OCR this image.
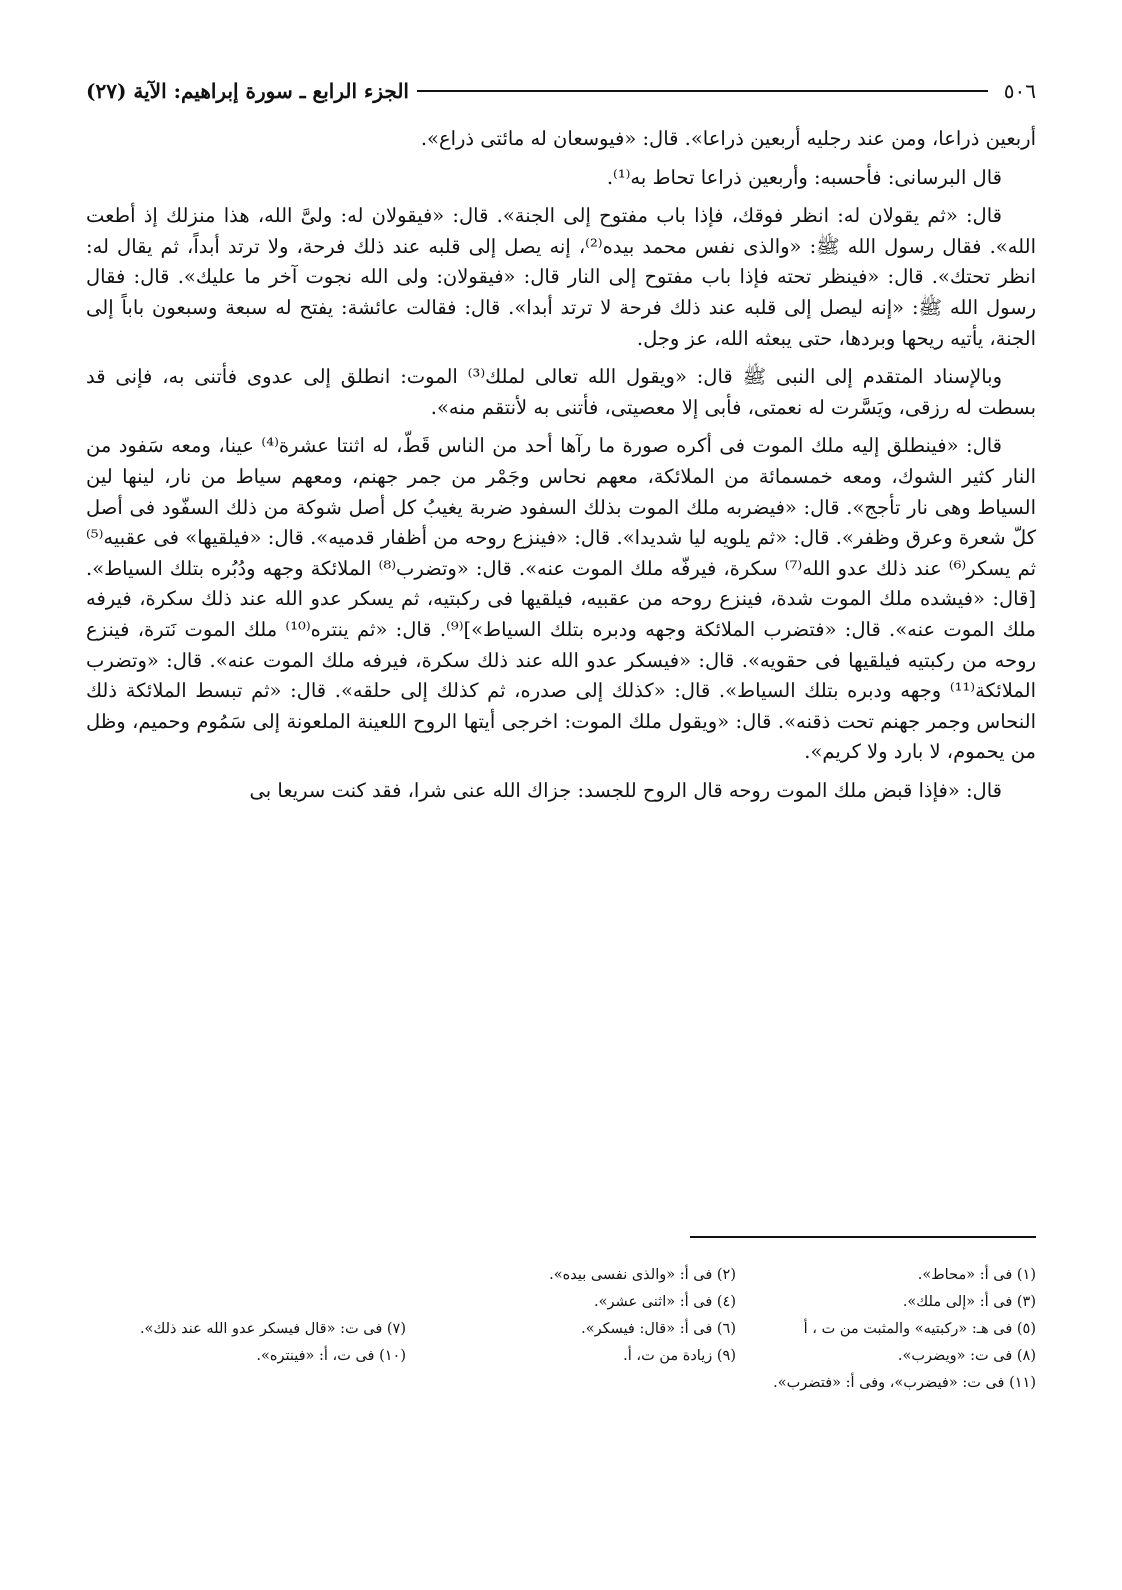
٥٠٦
الجزء الرابع ـ سورة إبراهيم: الآية (٢٧)

أربعين ذراعا، ومن عند رجليه أربعين ذراعا». قال: «فيوسعان له مائتى ذراع».

قال البرسانى: فأحسبه: وأربعين ذراعا تحاط به⁽¹⁾.

قال: «ثم يقولان له: انظر فوقك، فإذا باب مفتوح إلى الجنة». قال: «فيقولان له: ولىَّ الله، هذا منزلك إذ أطعت الله». فقال رسول الله ﷺ: «والذى نفس محمد بيده⁽²⁾، إنه يصل إلى قلبه عند ذلك فرحة، ولا ترتد أبداً، ثم يقال له: انظر تحتك». قال: «فينظر تحته فإذا باب مفتوح إلى النار قال: «فيقولان: ولى الله نجوت آخر ما عليك». قال: فقال رسول الله ﷺ: «إنه ليصل إلى قلبه عند ذلك فرحة لا ترتد أبدا». قال: فقالت عائشة: يفتح له سبعة وسبعون باباً إلى الجنة، يأتيه ريحها وبردها، حتى يبعثه الله، عز وجل.

وبالإسناد المتقدم إلى النبى ﷺ قال: «ويقول الله تعالى لملك⁽³⁾ الموت: انطلق إلى عدوى فأتنى به، فإنى قد بسطت له رزقى، ويَسَّرت له نعمتى، فأبى إلا معصيتى، فأتنى به لأنتقم منه».

قال: «فينطلق إليه ملك الموت فى أكره صورة ما رآها أحد من الناس قَطّ، له اثنتا عشرة⁽⁴⁾ عينا، ومعه سَفود من النار كثير الشوك، ومعه خمسمائة من الملائكة، معهم نحاس وجَمْر من جمر جهنم، ومعهم سياط من نار، لينها لين السياط وهى نار تأجج». قال: «فيضربه ملك الموت بذلك السفود ضربة يغيبُ كل أصل شوكة من ذلك السفّود فى أصل كلّ شعرة وعرق وظفر». قال: «ثم يلويه ليا شديدا». قال: «فينزع روحه من أظفار قدميه». قال: «فيلقيها» فى عقبيه⁽⁵⁾ ثم يسكر⁽⁶⁾ عند ذلك عدو الله⁽⁷⁾ سكرة، فيرفّه ملك الموت عنه». قال: «وتضرب⁽⁸⁾ الملائكة وجهه ودُبُره بتلك السياط». [قال: «فيشده ملك الموت شدة، فينزع روحه من عقبيه، فيلقيها فى ركبتيه، ثم يسكر عدو الله عند ذلك سكرة، فيرفه ملك الموت عنه». قال: «فتضرب الملائكة وجهه ودبره بتلك السياط»]⁽⁹⁾. قال: «ثم ينتره⁽¹⁰⁾ ملك الموت نَترة، فينزع روحه من ركبتيه فيلقيها فى حقويه». قال: «فيسكر عدو الله عند ذلك سكرة، فيرفه ملك الموت عنه». قال: «وتضرب الملائكة⁽¹¹⁾ وجهه ودبره بتلك السياط». قال: «كذلك إلى صدره، ثم كذلك إلى حلقه». قال: «ثم تبسط الملائكة ذلك النحاس وجمر جهنم تحت ذقنه». قال: «ويقول ملك الموت: اخرجى أيتها الروح اللعينة الملعونة إلى سَمُوم وحميم، وظل من يحموم، لا بارد ولا كريم».

قال: «فإذا قبض ملك الموت روحه قال الروح للجسد: جزاك الله عنى شرا، فقد كنت سريعا بى

(١) فى أ: «محاط».
(٢) فى أ: «والذى نفسى بيده».
(٣) فى أ: «إلى ملك».
(٤) فى أ: «اثنى عشر».
(٥) فى هـ: «ركبتيه» والمثبت من ت ، أ
(٦) فى أ: «قال: فيسكر».
(٧) فى ت: «قال فيسكر عدو الله عند ذلك».
(٨) فى ت: «ويضرب».
(٩) زيادة من ت، أ.
(١٠) فى ت، أ: «فينتره».
(١١) فى ت: «فيضرب»، وفى أ: «فتضرب».
